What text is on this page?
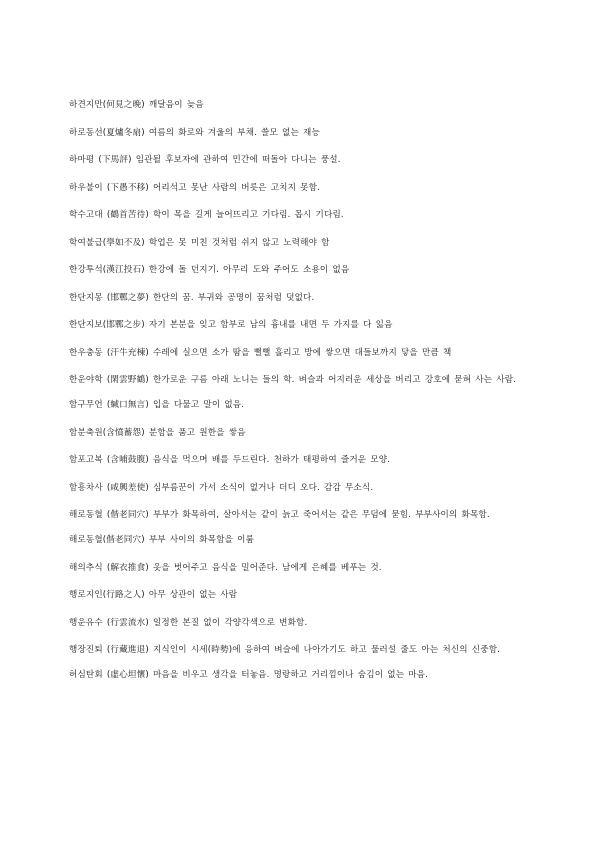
하견지만(何見之晩) 깨달음이 늦음
하로동선(夏爐冬扇) 여름의 화로와 겨울의 부채. 쓸모 없는 재능
하마평 (下馬評) 임관될 후보자에 관하여 민간에 떠돌아 다니는 풍설.
하우불이 (下愚不移) 어리석고 못난 사람의 버릇은 고치지 못함.
학수고대 (鶴首苦待) 학이 목을 길게 늘어뜨리고 기다림. 몹시 기다림.
학여불급(學如不及) 학업은 못 미친 것처럼 쉬지 않고 노력해야 함
한강투석(漢江投石) 한강에 돌 던지기. 아무리 도와 주어도 소용이 없음
한단지몽 (邯鄲之夢) 한단의 꿈. 부귀와 공명이 꿈처럼 덧없다.
한단지보(邯鄲之步) 자기 본분을 잊고 함부로 남의 흉내를 내면 두 가지를 다 잃음
한우충동 (汗牛充棟) 수레에 실으면 소가 땀을 뻘뻘 흘리고 방에 쌓으면 대들보까지 닿을 만큼 책
한운야학 (閑雲野鶴) 한가로운 구름 아래 노니는 들의 학. 벼슬과 어지러운 세상을 버리고 강호에 묻혀 사는 사람.
함구무언 (緘口無言) 입을 다물고 말이 없음.
함분축원(含憤蓄怨) 분함을 품고 원한을 쌓음
함포고복 (含哺鼓腹) 음식을 먹으며 배를 두드린다. 천하가 태평하여 즐거운 모양.
함흥차사 (咸興差使) 심부름꾼이 가서 소식이 없거나 더디 오다. 감감 무소식.
해로동혈 (偕老同穴) 부부가 화목하여, 살아서는 같이 늙고 죽어서는 같은 무덤에 묻힘. 부부사이의 화목함.
해로동혈(偕老同穴) 부부 사이의 화목함을 이룸
해의추식 (解衣推食) 옷을 벗어주고 음식을 밀어준다. 남에게 은혜를 베푸는 것.
행로지인(行路之人) 아무 상관이 없는 사람
행운유수 (行雲流水) 일정한 본질 없이 각양각색으로 변화함.
행장진퇴 (行藏進退) 지식인이 시세(時勢)에 응하여 벼슬에 나아가기도 하고 물러설 줄도 아는 처신의 신중함.
허심탄회 (虛心坦懷) 마음을 비우고 생각을 터놓음. 명랑하고 거리낌이나 숨김이 없는 마음.
